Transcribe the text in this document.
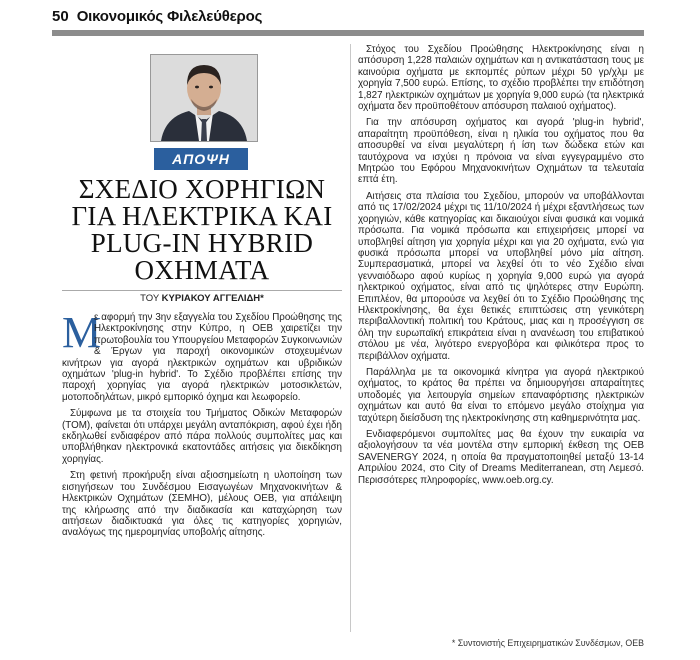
50 Οικονομικός Φιλελεύθερος
ΑΠΟΨΗ
ΣΧΕΔΙΟ ΧΟΡΗΓΙΩΝ
ΓΙΑ ΗΛΕΚΤΡΙΚΑ ΚΑΙ
PLUG-IN HYBRID
ΟΧΗΜΑΤΑ
ΤΟΥ ΚΥΡΙΑΚΟΥ ΑΓΓΕΛΙΔΗ*

Μ
ε αφορμή την 3ην εξαγγελία του Σχεδίου Προώθησης της Ηλεκτροκίνησης στην Κύπρο, η ΟΕΒ χαιρετίζει την πρωτοβουλία του Υπουργείου Μεταφορών Συγκοινωνιών & Έργων για παροχή οικονομικών στοχευμένων κινήτρων για αγορά ηλεκτρικών οχημάτων και υβριδικών οχημάτων 'plug-in hybrid'. Το Σχέδιο προβλέπει επίσης την παροχή χορηγίας για αγορά ηλεκτρικών μοτοσικλετών, μοτοποδηλάτων, μικρό εμπορικό όχημα και λεωφορείο.

Σύμφωνα με τα στοιχεία του Τμήματος Οδικών Μεταφορών (ΤΟΜ), φαίνεται ότι υπάρχει μεγάλη ανταπόκριση, αφού έχει ήδη εκδηλωθεί ενδιαφέρον από πάρα πολλούς συμπολίτες μας και υποβλήθηκαν ηλεκτρονικά εκατοντάδες αιτήσεις για διεκδίκηση χορηγίας.

Στη φετινή προκήρυξη είναι αξιοσημείωτη η υλοποίηση των εισηγήσεων του Συνδέσμου Εισαγωγέων Μηχανοκινήτων & Ηλεκτρικών Οχημάτων (ΣΕΜΗΟ), μέλους ΟΕΒ, για απάλειψη της κλήρωσης από την διαδικασία και καταχώρηση των αιτήσεων διαδικτυακά για όλες τις κατηγορίες χορηγιών, αναλόγως της ημερομηνίας υποβολής αίτησης.

Στόχος του Σχεδίου Προώθησης Ηλεκτροκίνησης είναι η απόσυρση 1,228 παλαιών οχημάτων και η αντικατάσταση τους με καινούρια οχήματα με εκπομπές ρύπων μέχρι 50 γρ/χλμ με χορηγία 7,500 ευρώ. Επίσης, το σχέδιο προβλέπει την επιδότηση 1,827 ηλεκτρικών οχημάτων με χορηγία 9,000 ευρώ (τα ηλεκτρικά οχήματα δεν προϋποθέτουν απόσυρση παλαιού οχήματος).

Για την απόσυρση οχήματος και αγορά 'plug-in hybrid', απαραίτητη προϋπόθεση, είναι η ηλικία του οχήματος που θα αποσυρθεί να είναι μεγαλύτερη ή ίση των δώδεκα ετών και ταυτόχρονα να ισχύει η πρόνοια να είναι εγγεγραμμένο στο Μητρώο του Εφόρου Μηχανοκινήτων Οχημάτων τα τελευταία επτά έτη.

Αιτήσεις στα πλαίσια του Σχεδίου, μπορούν να υποβάλλονται από τις 17/02/2024 μέχρι τις 11/10/2024 ή μέχρι εξαντλήσεως των χορηγιών, κάθε κατηγορίας και δικαιούχοι είναι φυσικά και νομικά πρόσωπα. Για νομικά πρόσωπα και επιχειρήσεις μπορεί να υποβληθεί αίτηση για χορηγία μέχρι και για 20 οχήματα, ενώ για φυσικά πρόσωπα μπορεί να υποβληθεί μόνο μία αίτηση. Συμπερασματικά, μπορεί να λεχθεί ότι το νέο Σχέδιο είναι γενναιόδωρο αφού κυρίως η χορηγία 9,000 ευρώ για αγορά ηλεκτρικού οχήματος, είναι από τις ψηλότερες στην Ευρώπη. Επιπλέον, θα μπορούσε να λεχθεί ότι το Σχέδιο Προώθησης της Ηλεκτροκίνησης, θα έχει θετικές επιπτώσεις στη γενικότερη περιβαλλοντική πολιτική του Κράτους, μιας και η προσέγγιση σε όλη την ευρωπαϊκή επικράτεια είναι η ανανέωση του επιβατικού στόλου με νέα, λιγότερο ενεργοβόρα και φιλικότερα προς το περιβάλλον οχήματα.

Παράλληλα με τα οικονομικά κίνητρα για αγορά ηλεκτρικού οχήματος, το κράτος θα πρέπει να δημιουργήσει απαραίτητες υποδομές για λειτουργία σημείων επαναφόρτισης ηλεκτρικών οχημάτων και αυτό θα είναι το επόμενο μεγάλο στοίχημα για ταχύτερη διείσδυση της ηλεκτροκίνησης στη καθημερινότητα μας.

Ενδιαφερόμενοι συμπολίτες μας θα έχουν την ευκαιρία να αξιολογήσουν τα νέα μοντέλα στην εμπορική έκθεση της ΟΕΒ SAVENERGY 2024, η οποία θα πραγματοποιηθεί μεταξύ 13-14 Απριλίου 2024, στο City of Dreams Mediterranean, στη Λεμεσό. Περισσότερες πληροφορίες, www.oeb.org.cy.

* Συντονιστής Επιχειρηματικών Συνδέσμων, ΟΕΒ
